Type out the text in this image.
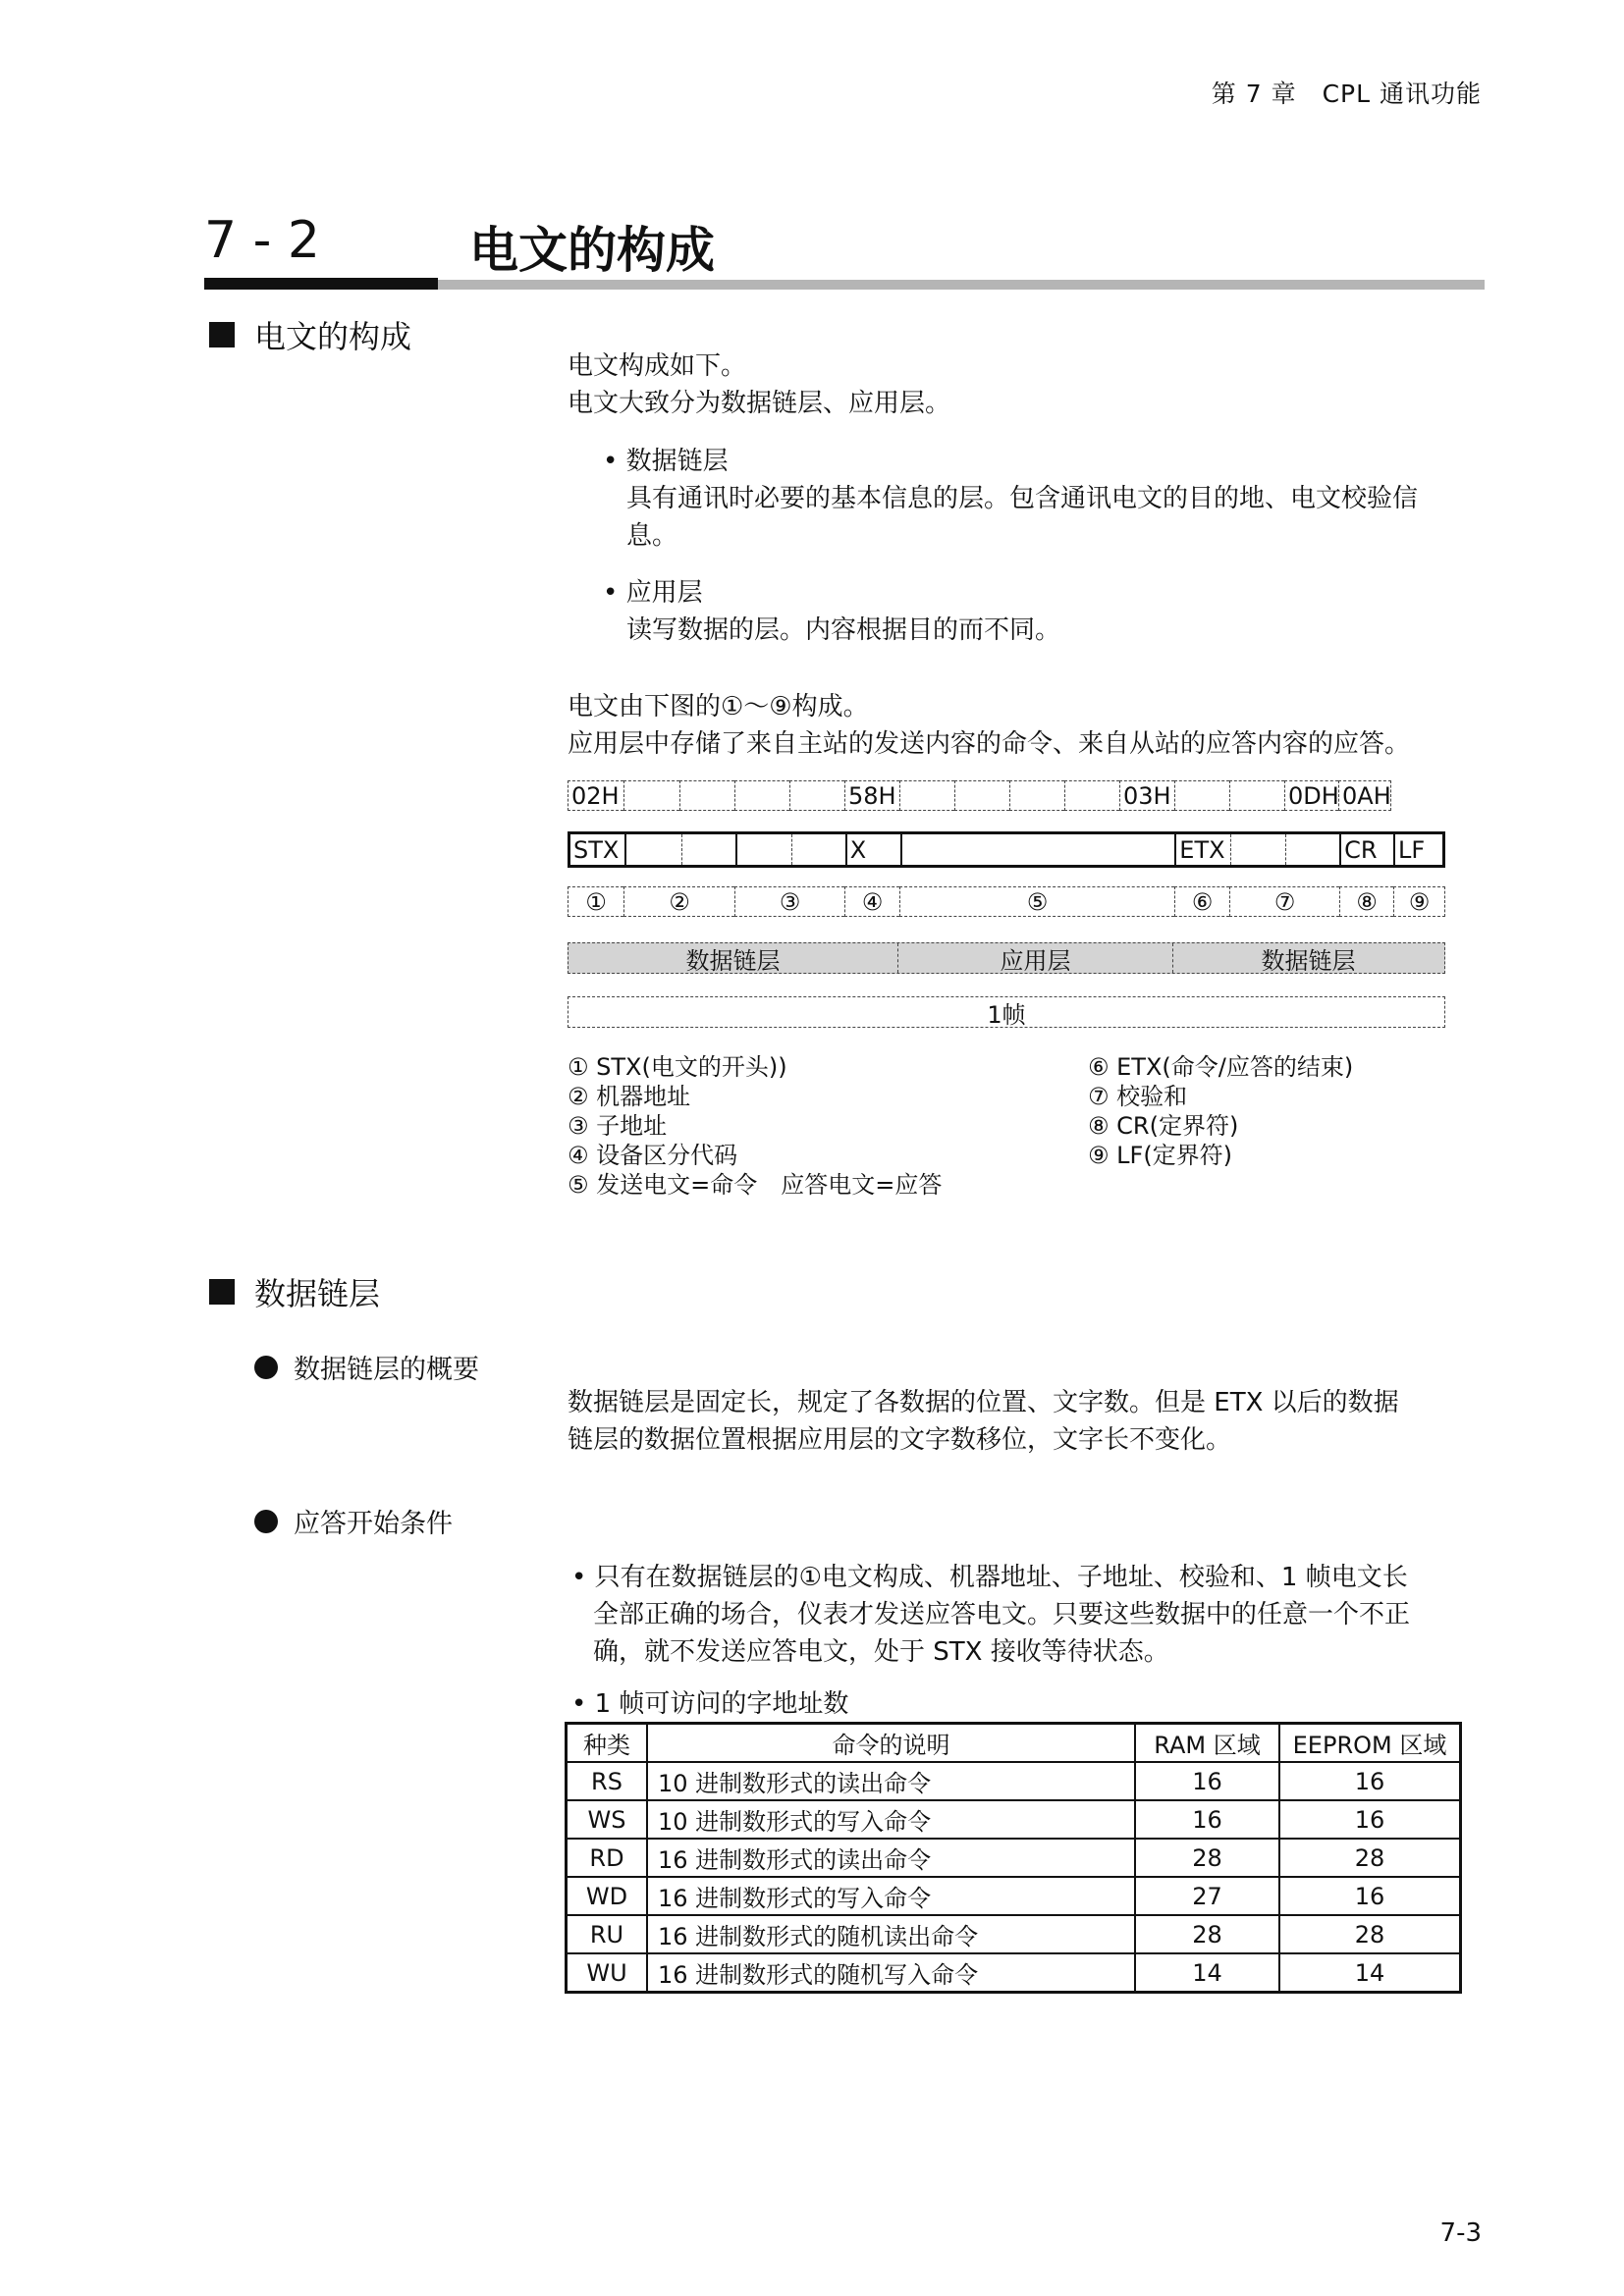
第 7 章　CPL 通讯功能
7 - 2	电文的构成
电文的构成
电文构成如下。
电文大致分为数据链层、应用层。
• 数据链层
具有通讯时必要的基本信息的层。包含通讯电文的目的地、电文校验信
息。
• 应用层
读写数据的层。内容根据目的而不同。
电文由下图的①～⑨构成。
应用层中存储了来自主站的发送内容的命令、来自从站的应答内容的应答。
02H	58H	03H	0DH 0AH
STX	X	ETX	CR LF
①	②	③	④	⑤	⑥	⑦	⑧	⑨
数据链层	应用层	数据链层
1帧
① STX(电文的开头))
② 机器地址
③ 子地址
④ 设备区分代码
⑤ 发送电文=命令　应答电文=应答
⑥ ETX(命令/应答的结束)
⑦ 校验和
⑧ CR(定界符)
⑨ LF(定界符)
数据链层
数据链层的概要
数据链层是固定长，规定了各数据的位置、文字数。但是 ETX 以后的数据
链层的数据位置根据应用层的文字数移位，文字长不变化。
应答开始条件
• 只有在数据链层的①电文构成、机器地址、子地址、校验和、1 帧电文长
全部正确的场合，仪表才发送应答电文。只要这些数据中的任意一个不正
确，就不发送应答电文，处于 STX 接收等待状态。
• 1 帧可访问的字地址数
种类	命令的说明	RAM 区域	EEPROM 区域
RS	10 进制数形式的读出命令	16	16
WS	10 进制数形式的写入命令	16	16
RD	16 进制数形式的读出命令	28	28
WD	16 进制数形式的写入命令	27	16
RU	16 进制数形式的随机读出命令	28	28
WU	16 进制数形式的随机写入命令	14	14
7-3
